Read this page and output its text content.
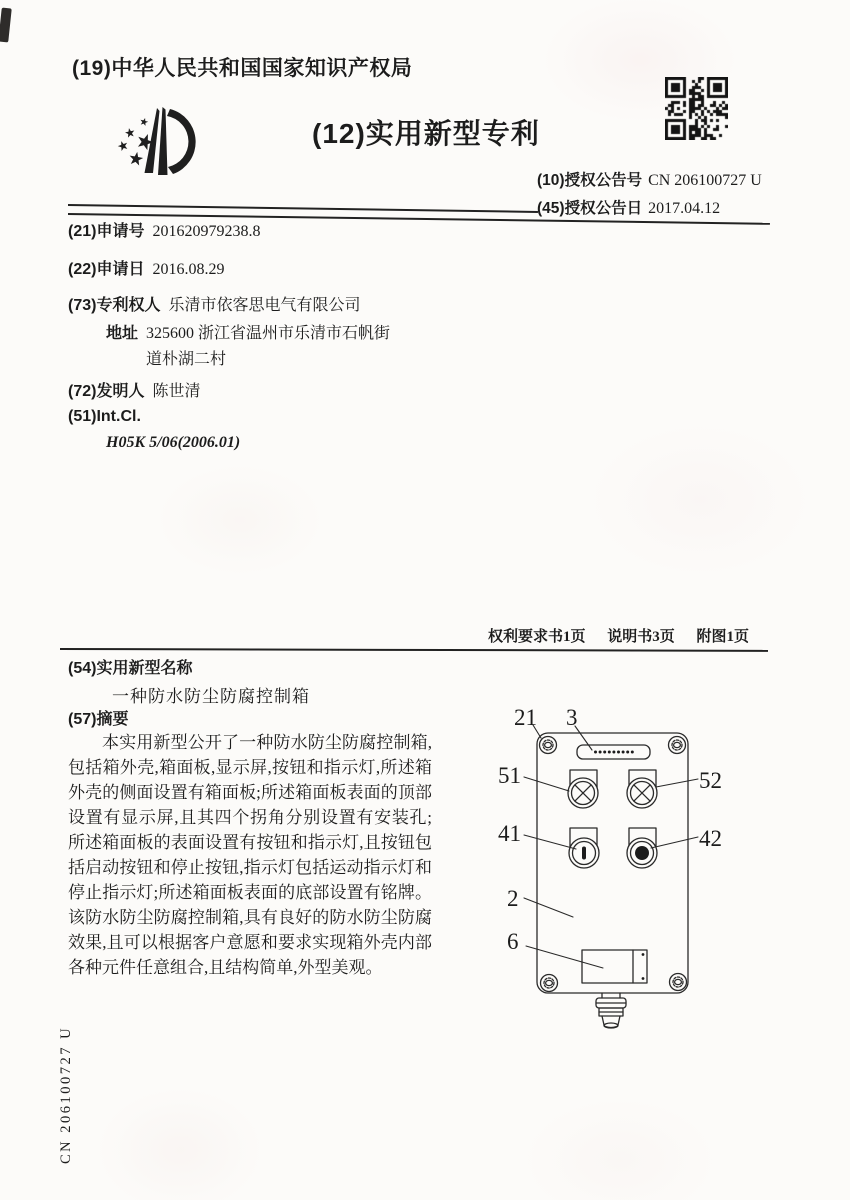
(19)中华人民共和国国家知识产权局
(12)实用新型专利
(10)授权公告号 CN 206100727 U
(45)授权公告日 2017.04.12
(21)申请号 201620979238.8
(22)申请日 2016.08.29
(73)专利权人 乐清市依客思电气有限公司
地址 325600 浙江省温州市乐清市石帆街
道朴湖二村
(72)发明人 陈世清
(51)Int.Cl.
H05K 5/06(2006.01)
权利要求书1页 说明书3页 附图1页
(54)实用新型名称
一种防水防尘防腐控制箱
(57)摘要
本实用新型公开了一种防水防尘防腐控制箱,包括箱外壳,箱面板,显示屏,按钮和指示灯,所述箱外壳的侧面设置有箱面板;所述箱面板表面的顶部设置有显示屏,且其四个拐角分别设置有安装孔;所述箱面板的表面设置有按钮和指示灯,且按钮包括启动按钮和停止按钮,指示灯包括运动指示灯和停止指示灯;所述箱面板表面的底部设置有铭牌。该防水防尘防腐控制箱,具有良好的防水防尘防腐效果,且可以根据客户意愿和要求实现箱外壳内部各种元件任意组合,且结构简单,外型美观。
21 3
51	52
41	42
2
6
CN 206100727 U
